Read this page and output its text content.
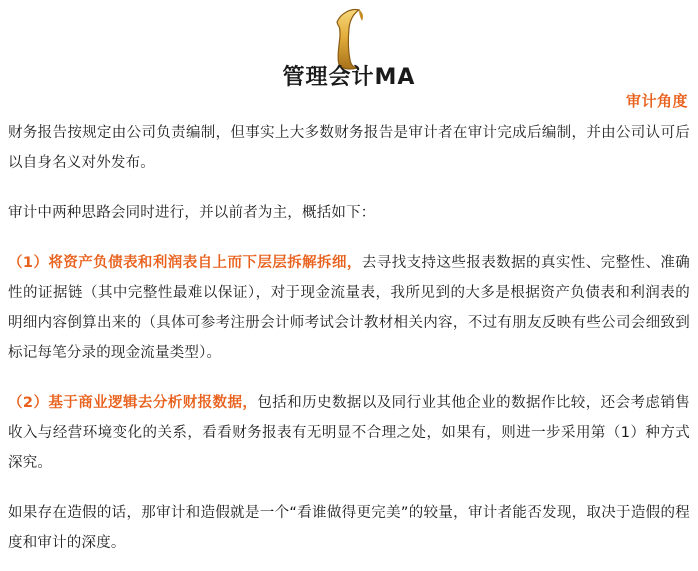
管理会计MA
审计角度

财务报告按规定由公司负责编制，但事实上大多数财务报告是审计者在审计完成后编制，并由公司认可后以自身名义对外发布。

审计中两种思路会同时进行，并以前者为主，概括如下：

（1）将资产负债表和利润表自上而下层层拆解拆细，去寻找支持这些报表数据的真实性、完整性、准确性的证据链（其中完整性最难以保证），对于现金流量表，我所见到的大多是根据资产负债表和利润表的明细内容倒算出来的（具体可参考注册会计师考试会计教材相关内容，不过有朋友反映有些公司会细致到标记每笔分录的现金流量类型）。

（2）基于商业逻辑去分析财报数据，包括和历史数据以及同行业其他企业的数据作比较，还会考虑销售收入与经营环境变化的关系，看看财务报表有无明显不合理之处，如果有，则进一步采用第（1）种方式深究。

如果存在造假的话，那审计和造假就是一个“看谁做得更完美”的较量，审计者能否发现，取决于造假的程度和审计的深度。
